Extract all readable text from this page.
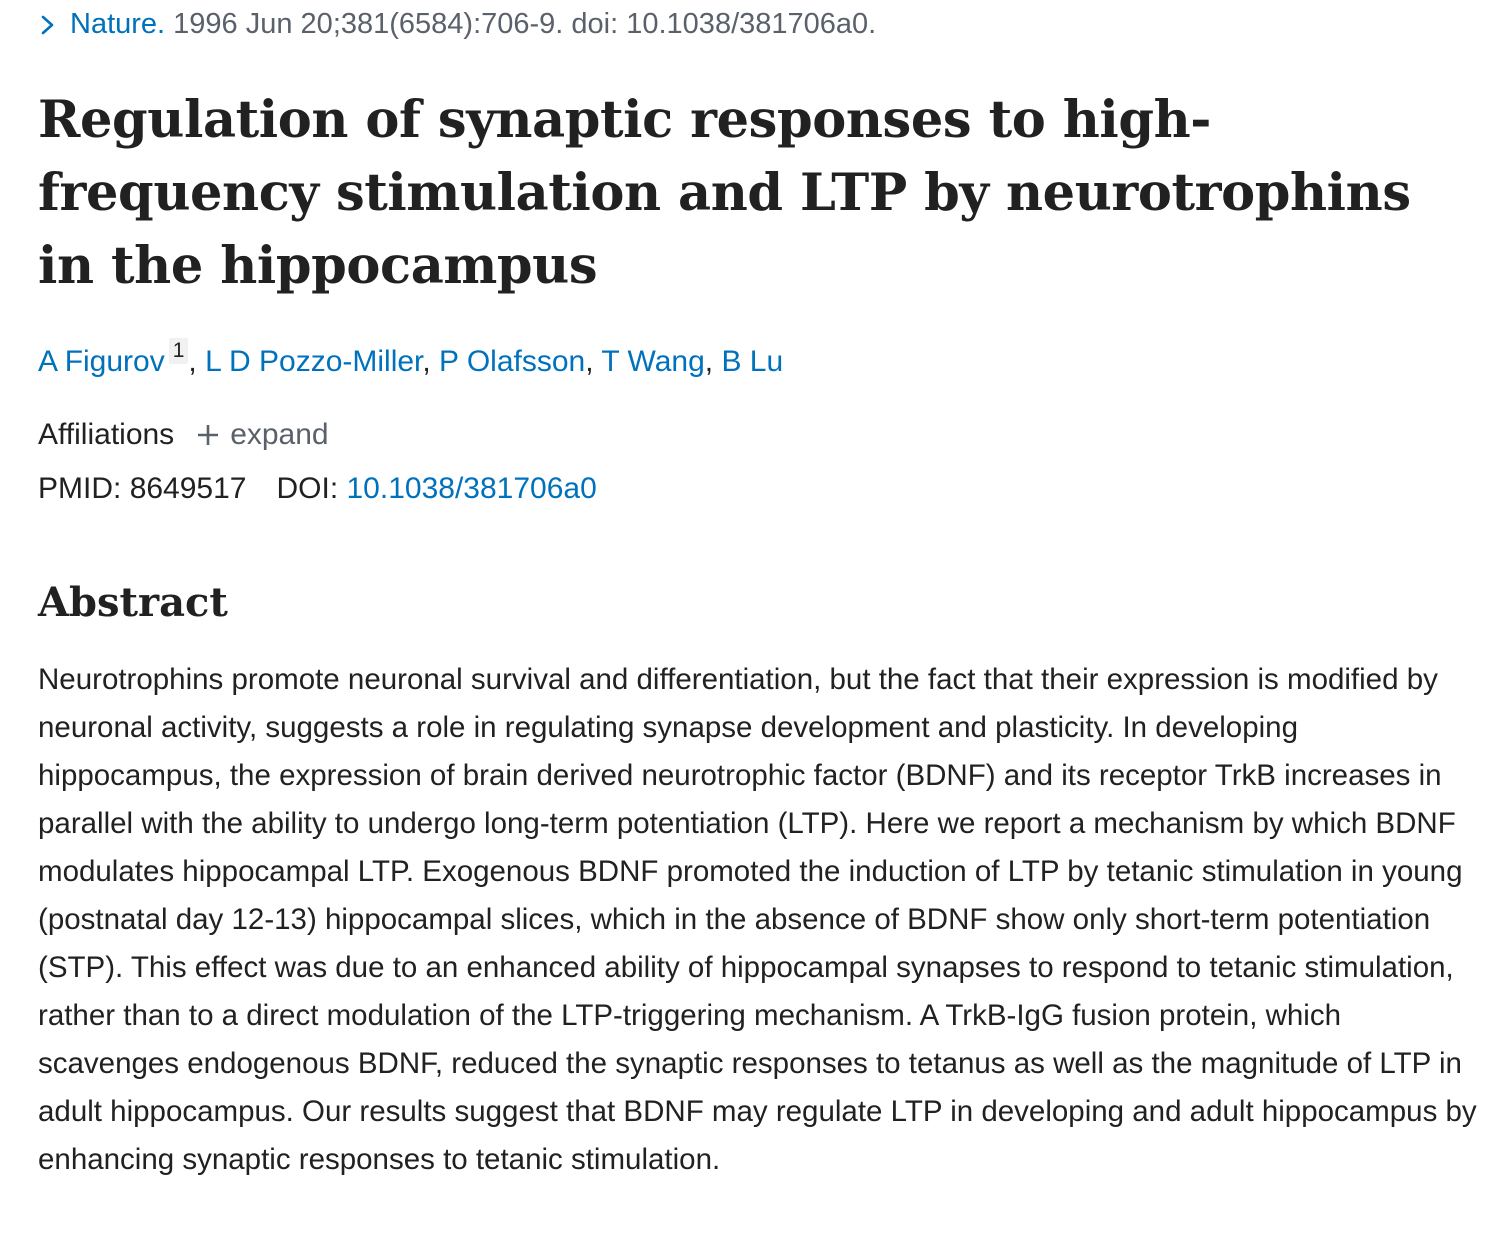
Nature.
1996 Jun 20;381(6584):706-9. doi: 10.1038/381706a0.
Regulation of synaptic responses to high-frequency stimulation and LTP by neurotrophins in the hippocampus
A Figurov 1 , L D Pozzo-Miller, P Olafsson, T Wang, B Lu
Affiliations expand
PMID:
8649517 DOI:
10.1038/381706a0
Abstract

Neurotrophins promote neuronal survival and differentiation, but the fact that their expression is modified by neuronal activity, suggests a role in regulating synapse development and plasticity. In developing hippocampus, the expression of brain derived neurotrophic factor (BDNF) and its receptor TrkB increases in parallel with the ability to undergo long-term potentiation (LTP). Here we report a mechanism by which BDNF modulates hippocampal LTP. Exogenous BDNF promoted the induction of LTP by tetanic stimulation in young (postnatal day 12-13) hippocampal slices, which in the absence of BDNF show only short-term potentiation (STP). This effect was due to an enhanced ability of hippocampal synapses to respond to tetanic stimulation, rather than to a direct modulation of the LTP-triggering mechanism. A TrkB-IgG fusion protein, which scavenges endogenous BDNF, reduced the synaptic responses to tetanus as well as the magnitude of LTP in adult hippocampus. Our results suggest that BDNF may regulate LTP in developing and adult hippocampus by enhancing synaptic responses to tetanic stimulation.
